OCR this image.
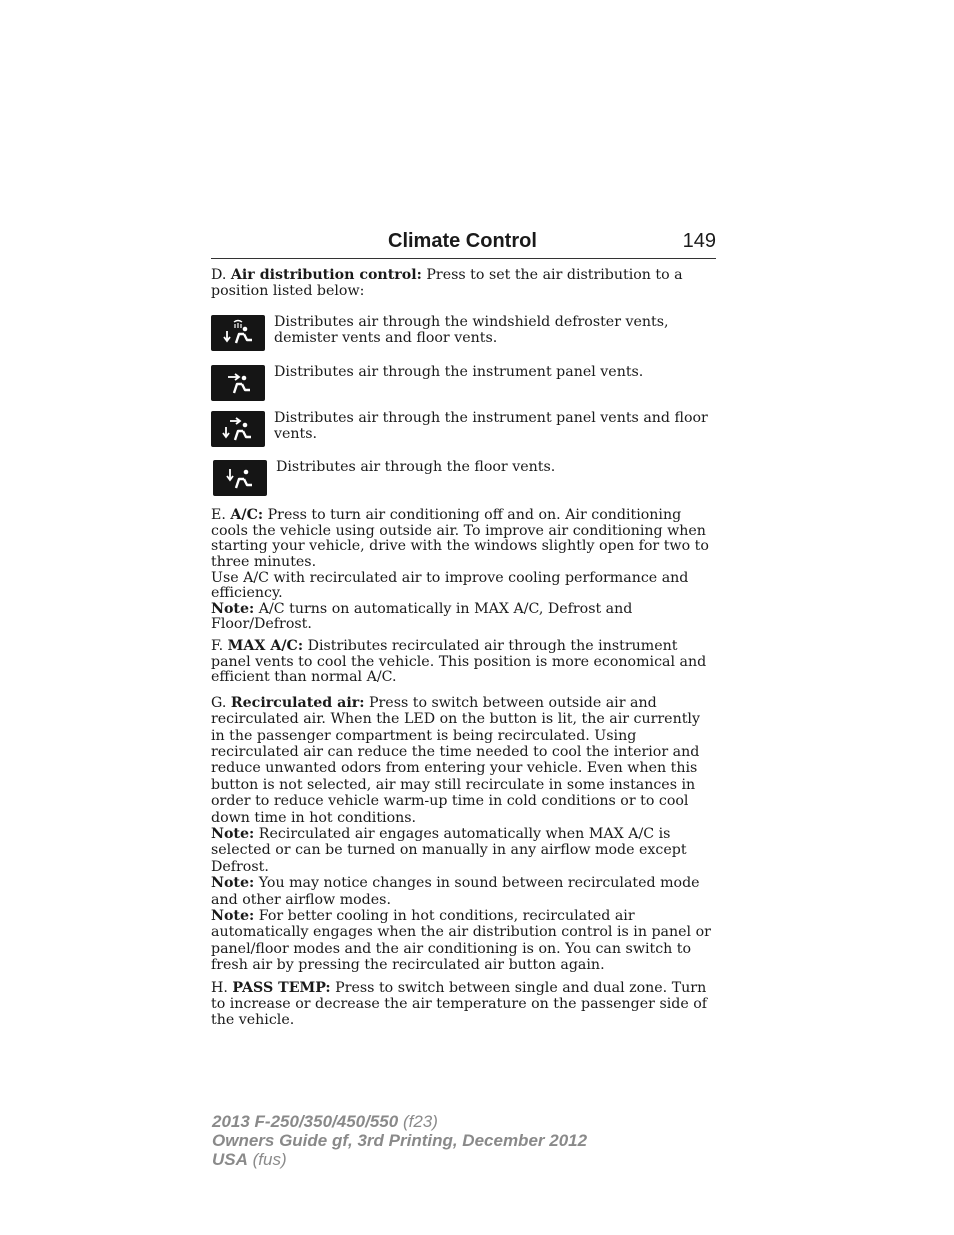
Climate Control	149

D. Air distribution control: Press to set the air distribution to a position listed below:

Distributes air through the windshield defroster vents, demister vents and floor vents.

Distributes air through the instrument panel vents.

Distributes air through the instrument panel vents and floor vents.

Distributes air through the floor vents.

E. A/C: Press to turn air conditioning off and on. Air conditioning cools the vehicle using outside air. To improve air conditioning when starting your vehicle, drive with the windows slightly open for two to three minutes.

Use A/C with recirculated air to improve cooling performance and efficiency.

Note: A/C turns on automatically in MAX A/C, Defrost and Floor/Defrost.

F. MAX A/C: Distributes recirculated air through the instrument panel vents to cool the vehicle. This position is more economical and efficient than normal A/C.

G. Recirculated air: Press to switch between outside air and recirculated air. When the LED on the button is lit, the air currently in the passenger compartment is being recirculated. Using recirculated air can reduce the time needed to cool the interior and reduce unwanted odors from entering your vehicle. Even when this button is not selected, air may still recirculate in some instances in order to reduce vehicle warm-up time in cold conditions or to cool down time in hot conditions.

Note: Recirculated air engages automatically when MAX A/C is selected or can be turned on manually in any airflow mode except Defrost.

Note: You may notice changes in sound between recirculated mode and other airflow modes.

Note: For better cooling in hot conditions, recirculated air automatically engages when the air distribution control is in panel or panel/floor modes and the air conditioning is on. You can switch to fresh air by pressing the recirculated air button again.

H. PASS TEMP: Press to switch between single and dual zone. Turn to increase or decrease the air temperature on the passenger side of the vehicle.

2013 F-250/350/450/550 (f23)
Owners Guide gf, 3rd Printing, December 2012
USA (fus)
